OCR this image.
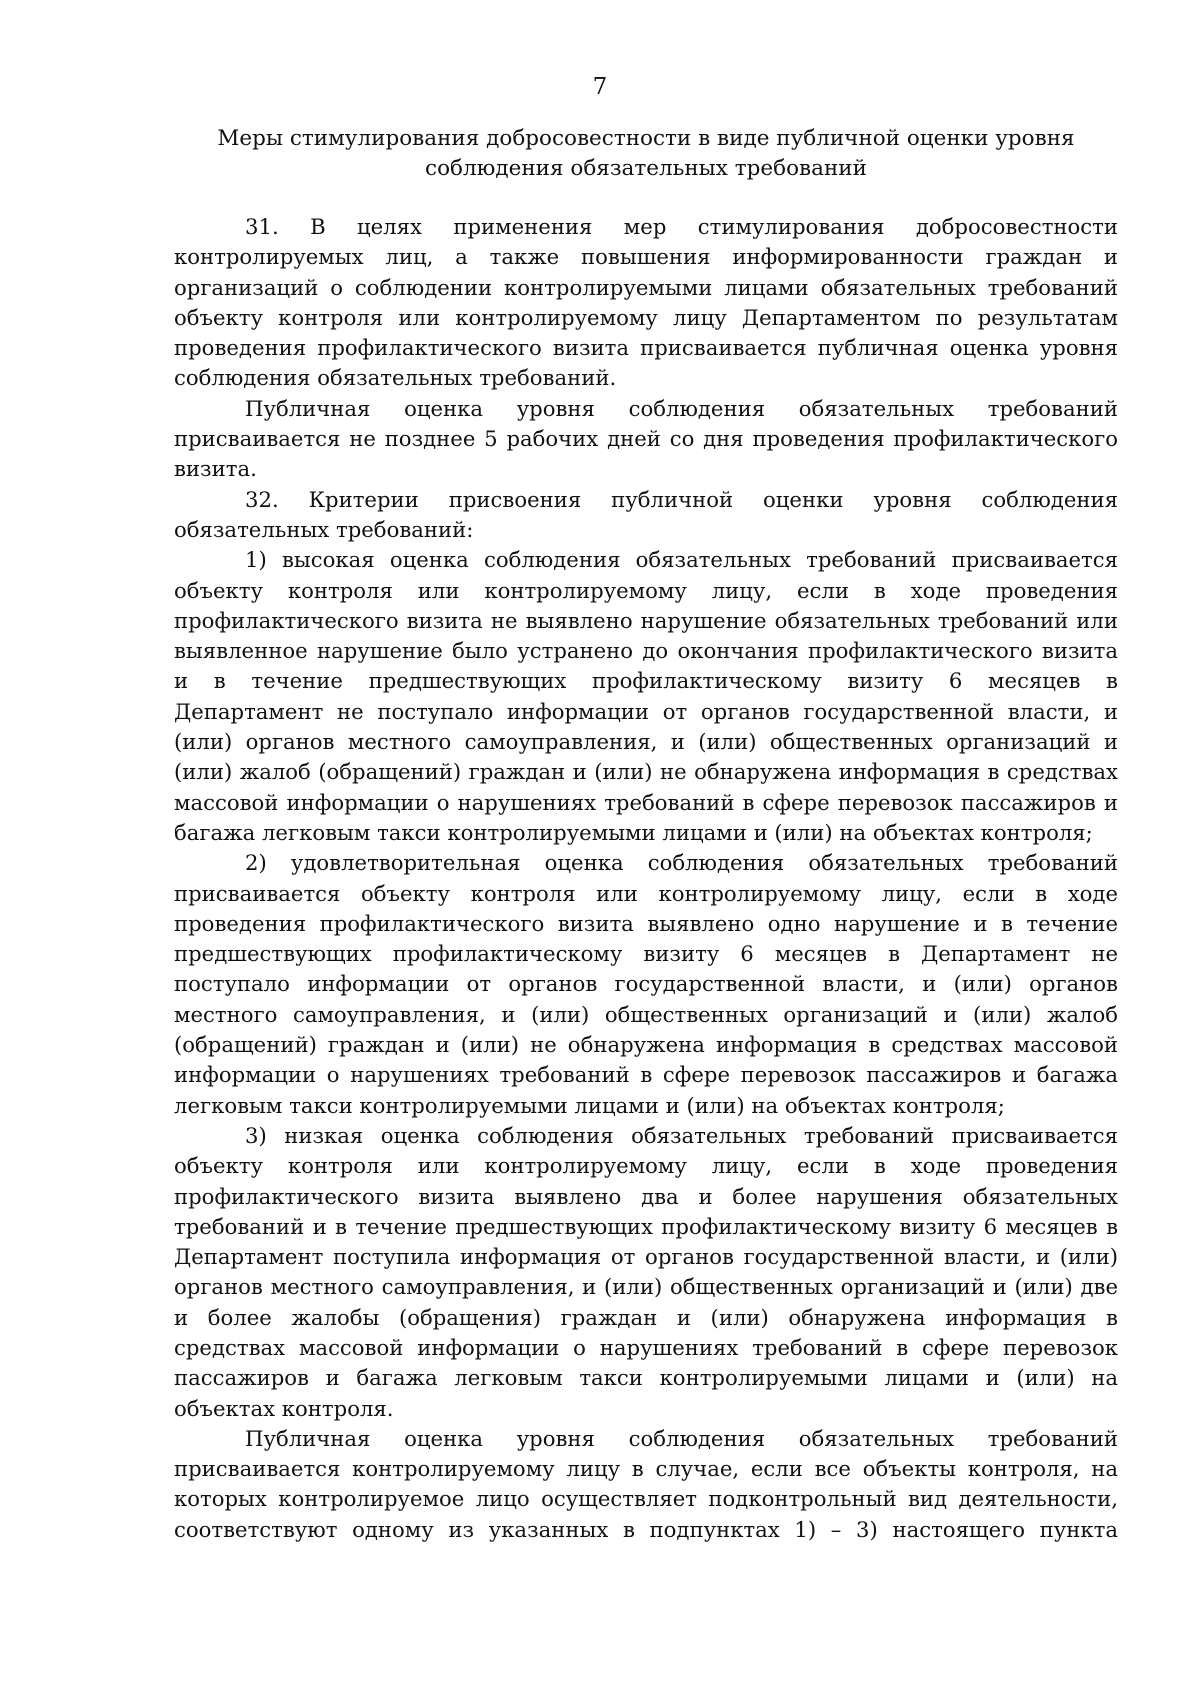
7
Меры стимулирования добросовестности в виде публичной оценки уровня соблюдения обязательных требований

31. В целях применения мер стимулирования добросовестности контролируемых лиц, а также повышения информированности граждан и организаций о соблюдении контролируемыми лицами обязательных требований объекту контроля или контролируемому лицу Департаментом по результатам проведения профилактического визита присваивается публичная оценка уровня соблюдения обязательных требований.

Публичная оценка уровня соблюдения обязательных требований присваивается не позднее 5 рабочих дней со дня проведения профилактического визита.

32. Критерии присвоения публичной оценки уровня соблюдения обязательных требований:

1) высокая оценка соблюдения обязательных требований присваивается объекту контроля или контролируемому лицу, если в ходе проведения профилактического визита не выявлено нарушение обязательных требований или выявленное нарушение было устранено до окончания профилактического визита и в течение предшествующих профилактическому визиту 6 месяцев в Департамент не поступало информации от органов государственной власти, и (или) органов местного самоуправления, и (или) общественных организаций и (или) жалоб (обращений) граждан и (или) не обнаружена информация в средствах массовой информации о нарушениях требований в сфере перевозок пассажиров и багажа легковым такси контролируемыми лицами и (или) на объектах контроля;

2) удовлетворительная оценка соблюдения обязательных требований присваивается объекту контроля или контролируемому лицу, если в ходе проведения профилактического визита выявлено одно нарушение и в течение предшествующих профилактическому визиту 6 месяцев в Департамент не поступало информации от органов государственной власти, и (или) органов местного самоуправления, и (или) общественных организаций и (или) жалоб (обращений) граждан и (или) не обнаружена информация в средствах массовой информации о нарушениях требований в сфере перевозок пассажиров и багажа легковым такси контролируемыми лицами и (или) на объектах контроля;

3) низкая оценка соблюдения обязательных требований присваивается объекту контроля или контролируемому лицу, если в ходе проведения профилактического визита выявлено два и более нарушения обязательных требований и в течение предшествующих профилактическому визиту 6 месяцев в Департамент поступила информация от органов государственной власти, и (или) органов местного самоуправления, и (или) общественных организаций и (или) две и более жалобы (обращения) граждан и (или) обнаружена информация в средствах массовой информации о нарушениях требований в сфере перевозок пассажиров и багажа легковым такси контролируемыми лицами и (или) на объектах контроля.

Публичная оценка уровня соблюдения обязательных требований присваивается контролируемому лицу в случае, если все объекты контроля, на которых контролируемое лицо осуществляет подконтрольный вид деятельности, соответствуют одному из указанных в подпунктах 1) – 3) настоящего пункта
